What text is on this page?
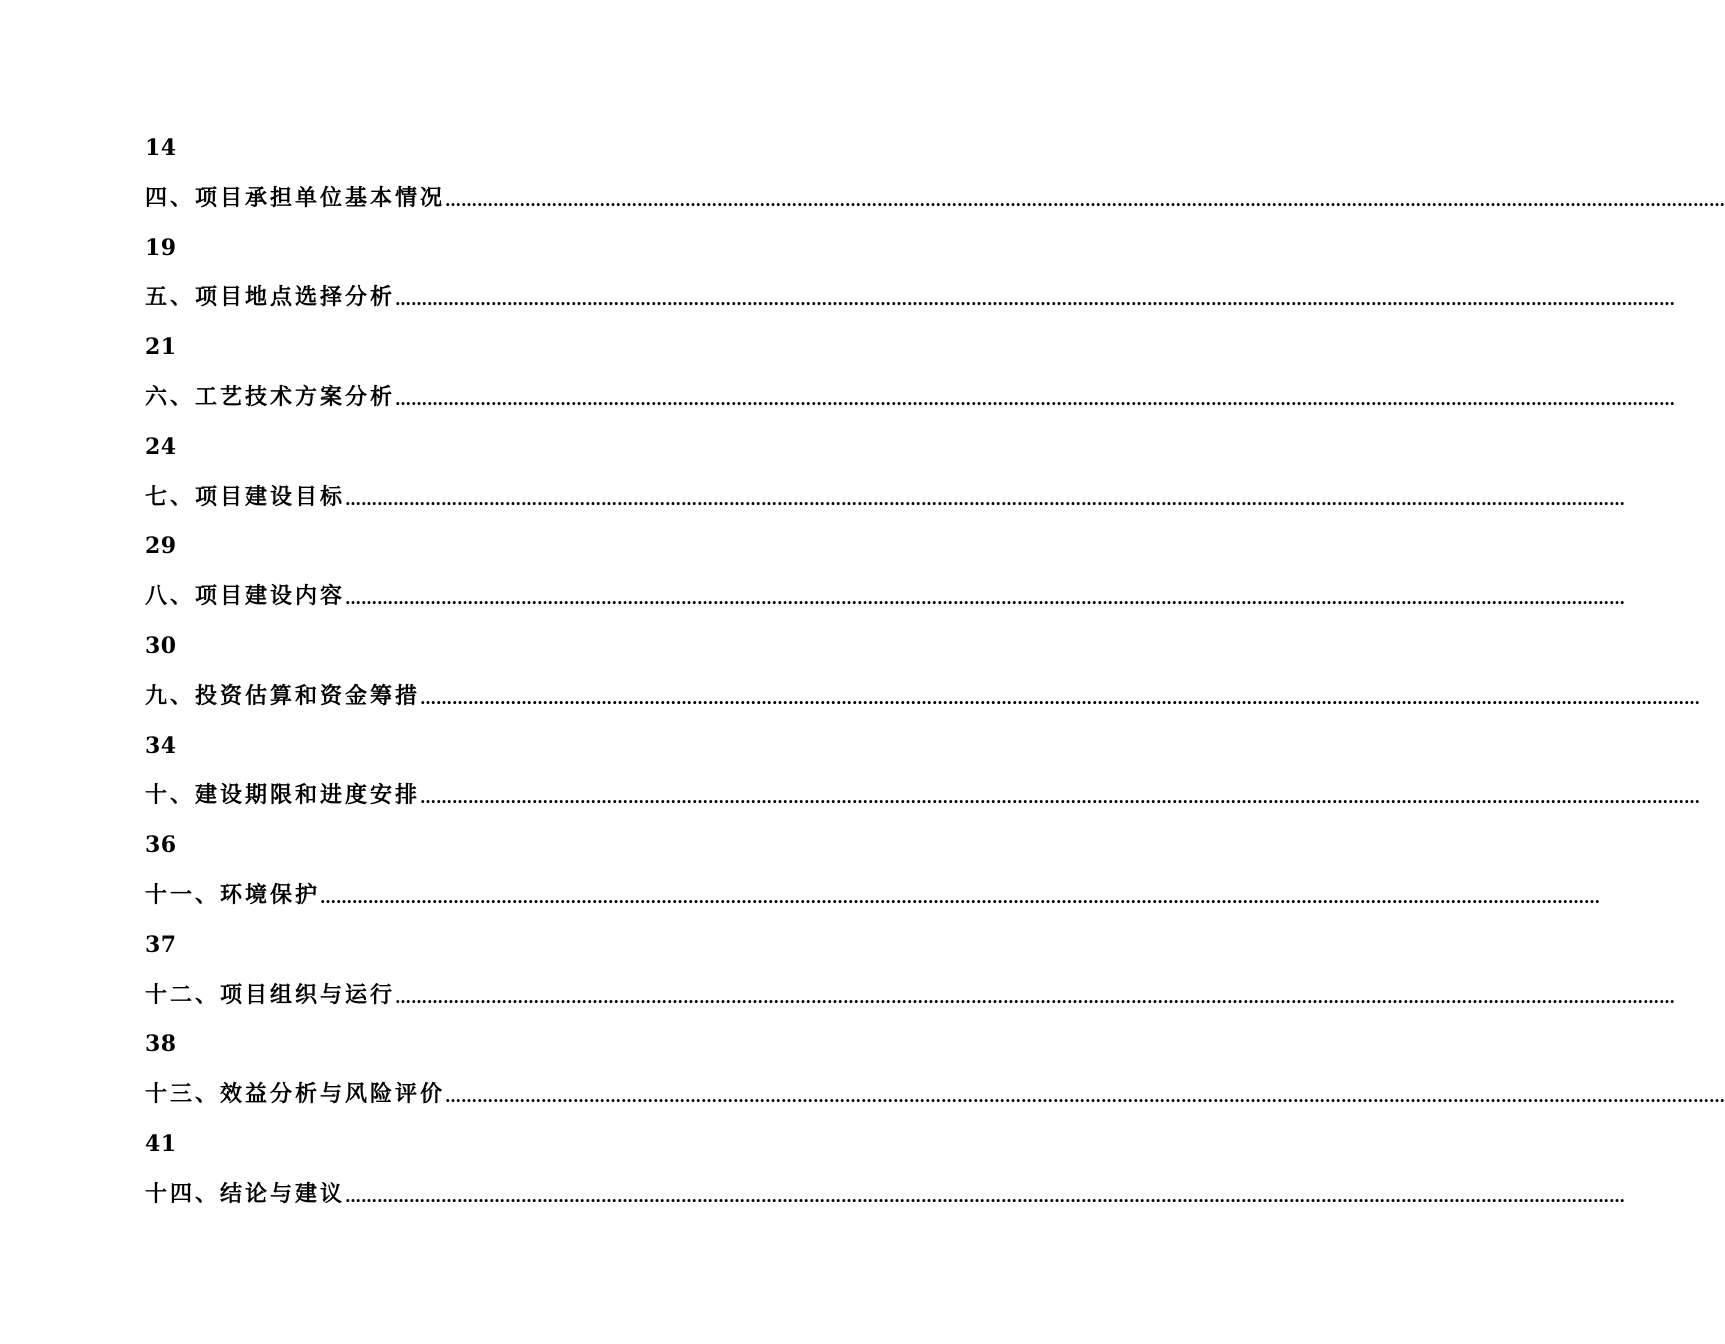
14
四、项目承担单位基本情况 ……………………………………………………………………………………………………………………………………………………………………………………………………………………
19
五、项目地点选择分析 ……………………………………………………………………………………………………………………………………………………………………………………………………………………
21
六、工艺技术方案分析 ……………………………………………………………………………………………………………………………………………………………………………………………………………………
24
七、项目建设目标 ……………………………………………………………………………………………………………………………………………………………………………………………………………………
29
八、项目建设内容 ……………………………………………………………………………………………………………………………………………………………………………………………………………………
30
九、投资估算和资金筹措 ……………………………………………………………………………………………………………………………………………………………………………………………………………………
34
十、建设期限和进度安排 ……………………………………………………………………………………………………………………………………………………………………………………………………………………
36
十一、环境保护 ……………………………………………………………………………………………………………………………………………………………………………………………………………………
37
十二、项目组织与运行 ……………………………………………………………………………………………………………………………………………………………………………………………………………………
38
十三、效益分析与风险评价 ……………………………………………………………………………………………………………………………………………………………………………………………………………………
41
十四、结论与建议 ……………………………………………………………………………………………………………………………………………………………………………………………………………………
